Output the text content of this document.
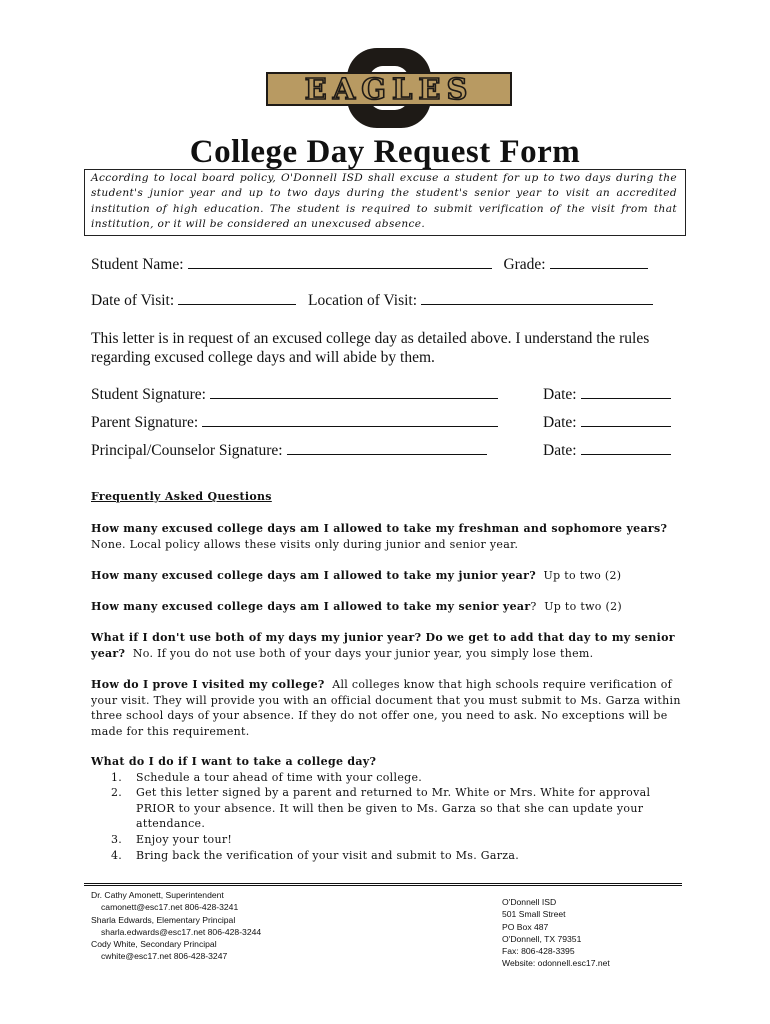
EAGLES
College Day Request Form
According to local board policy, O'Donnell ISD shall excuse a student for up to two days during the student's junior year and up to two days during the student's senior year to visit an accredited institution of high education. The student is required to submit verification of the visit from that institution, or it will be considered an unexcused absence.
Student Name:	Grade:
Date of Visit:	Location of Visit:
This letter is in request of an excused college day as detailed above. I understand the rules regarding excused college days and will abide by them.
Student Signature:	Date:
Parent Signature:	Date:
Principal/Counselor Signature:	Date:
Frequently Asked Questions
How many excused college days am I allowed to take my freshman and sophomore years?
None. Local policy allows these visits only during junior and senior year.
How many excused college days am I allowed to take my junior year? Up to two (2)
How many excused college days am I allowed to take my senior year? Up to two (2)
What if I don't use both of my days my junior year? Do we get to add that day to my senior year? No. If you do not use both of your days your junior year, you simply lose them.
How do I prove I visited my college? All colleges know that high schools require verification of your visit. They will provide you with an official document that you must submit to Ms. Garza within three school days of your absence. If they do not offer one, you need to ask. No exceptions will be made for this requirement.
What do I do if I want to take a college day?
1. Schedule a tour ahead of time with your college.
2. Get this letter signed by a parent and returned to Mr. White or Mrs. White for approval PRIOR to your absence. It will then be given to Ms. Garza so that she can update your attendance.
3. Enjoy your tour!
4. Bring back the verification of your visit and submit to Ms. Garza.
Dr. Cathy Amonett, Superintendent
camonett@esc17.net 806-428-3241
Sharla Edwards, Elementary Principal
sharla.edwards@esc17.net 806-428-3244
Cody White, Secondary Principal
cwhite@esc17.net 806-428-3247
O'Donnell ISD
501 Small Street
PO Box 487
O'Donnell, TX 79351
Fax: 806-428-3395
Website: odonnell.esc17.net
